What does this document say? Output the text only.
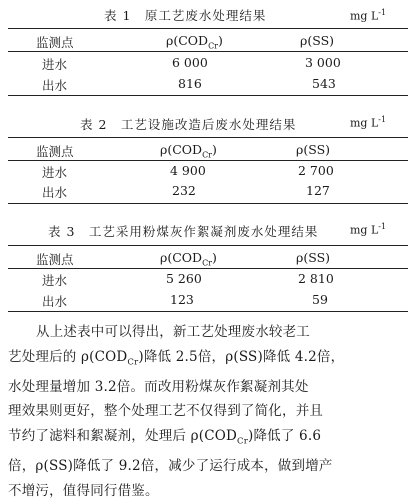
表 1　原工艺废水处理结果	mg $L^{-1}$
监测点	$\rho(COD_{Cr})$	ρ(SS)
进水	6 000	3 000
出水	816	543
表 2　工艺设施改造后废水处理结果	mg $L^{-1}$
监测点	$\rho(COD_{Cr})$	ρ(SS)
进水	4 900	2 700
出水	232	127
表 3　工艺采用粉煤灰作絮凝剂废水处理结果	mg $L^{-1}$
监测点	$\rho(COD_{Cr})$	ρ(SS)
进水	5 260	2 810
出水	123	59
从上述表中可以得出，新工艺处理废水较老工
艺处理后的 $\rho(COD_{Cr})$降低 2.5倍，ρ(SS)降低 4.2倍，
水处理量增加 3.2倍。而改用粉煤灰作絮凝剂其处
理效果则更好，整个处理工艺不仅得到了简化，并且
节约了滤料和絮凝剂，处理后 $\rho(COD_{Cr})$降低了 6.6
倍，ρ(SS)降低了 9.2倍，减少了运行成本，做到增产
不增污，值得同行借鉴。
